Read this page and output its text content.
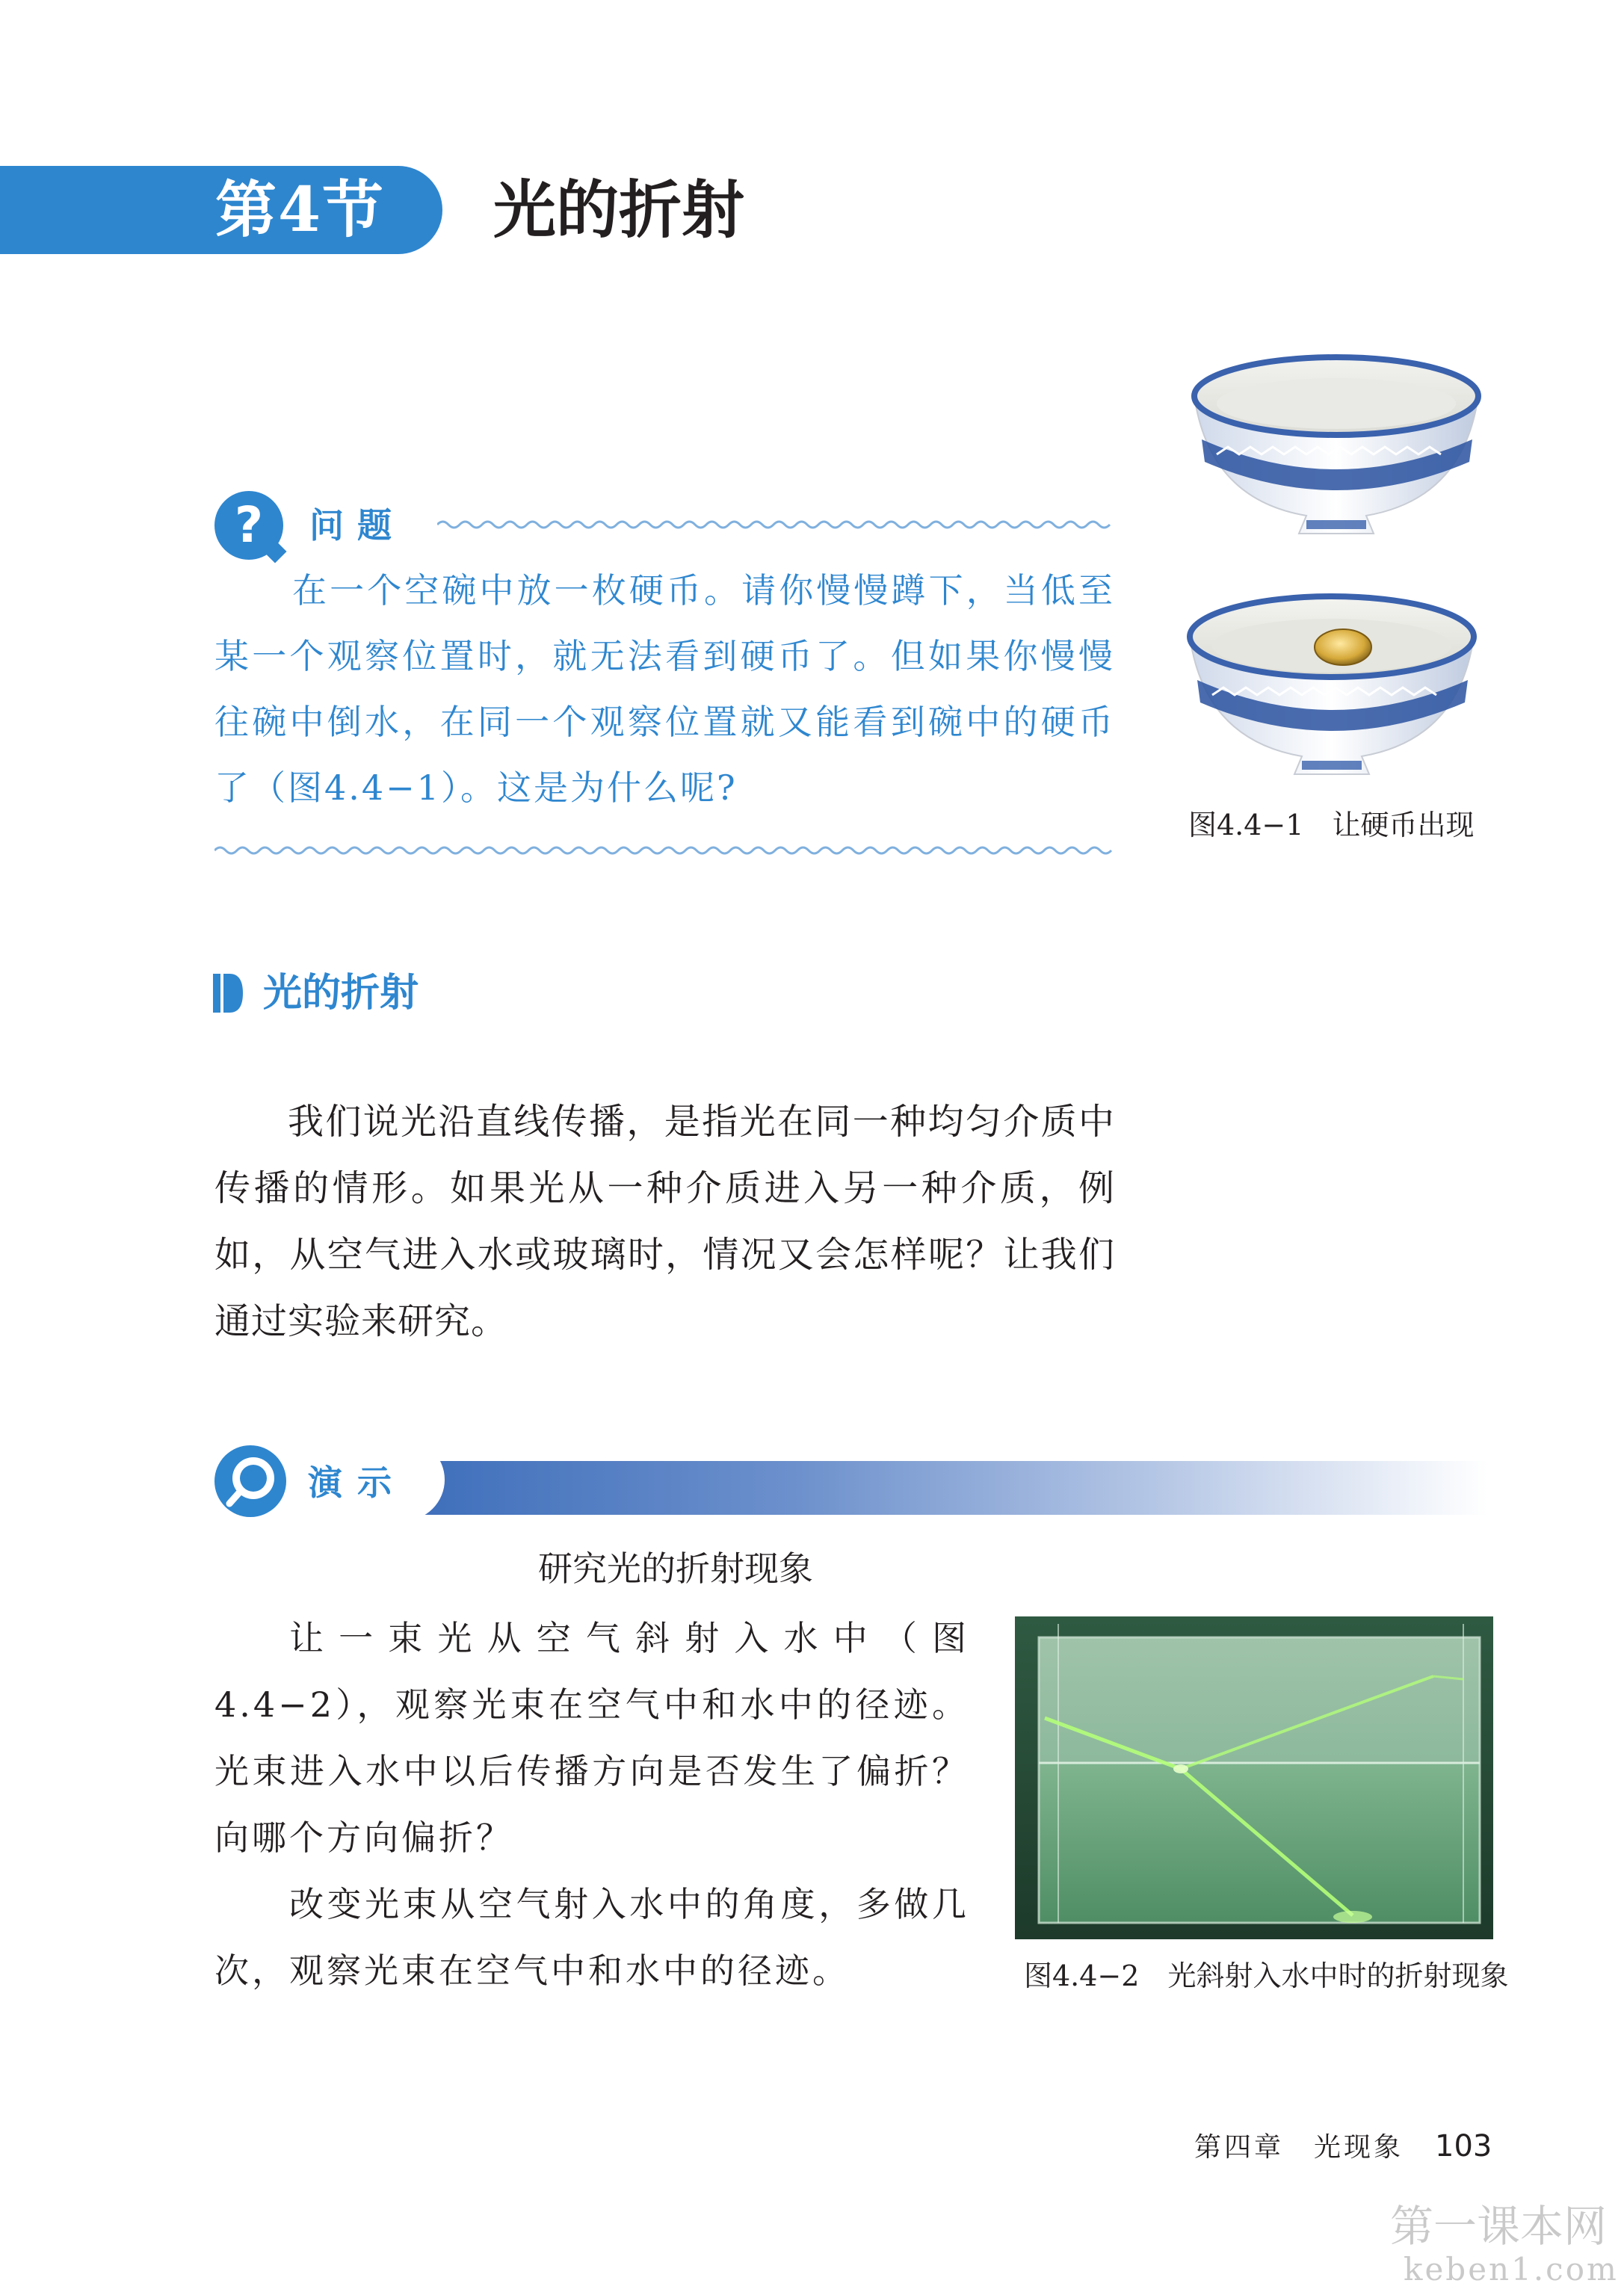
第4节 光的折射
?	问题
在一个空碗中放一枚硬币。请你慢慢蹲下，当低至某一个观察位置时，就无法看到硬币了。但如果你慢慢往碗中倒水，在同一个观察位置就又能看到碗中的硬币了（图4.4−1）。这是为什么呢?
图4.4−1　让硬币出现
光的折射
我们说光沿直线传播，是指光在同一种均匀介质中传播的情形。如果光从一种介质进入另一种介质，例如，从空气进入水或玻璃时，情况又会怎样呢？让我们通过实验来研究。
演示
研究光的折射现象

让一束光从空气斜射入水中（图4.4−2），观察光束在空气中和水中的径迹。光束进入水中以后传播方向是否发生了偏折？向哪个方向偏折？

改变光束从空气射入水中的角度，多做几次，观察光束在空气中和水中的径迹。	图4.4−2　光斜射入水中时的折射现象
第四章　光现象 103
第一课本网
keben1.com
